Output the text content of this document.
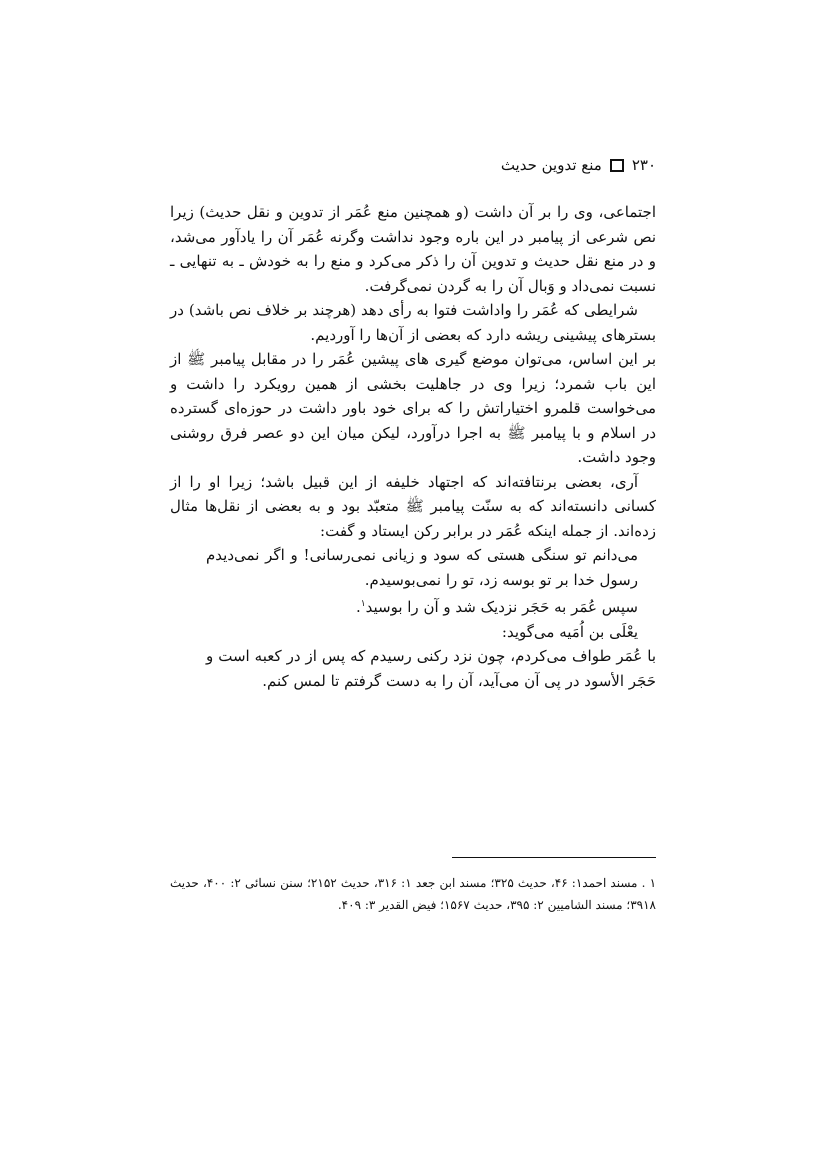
۲۳۰
منع تدوین حدیث

اجتماعی، وی را بر آن داشت (و همچنین منع عُمَر از تدوین و نقل حدیث) زیرا نص شرعی از پیامبر در این باره وجود نداشت وگرنه عُمَر آن را یادآور می‌شد، و در منع نقل حدیث و تدوین آن را ذکر می‌کرد و منع را به خودش ـ به تنهایی ـ نسبت نمی‌داد و وَبال آن را به گردن نمی‌گرفت.

شرایطی که عُمَر را واداشت فتوا به رأی دهد (هرچند بر خلاف نص باشد) در بسترهای پیشینی ریشه دارد که بعضی از آن‌ها را آوردیم.

بر این اساس، می‌توان موضع گیری های پیشین عُمَر را در مقابل پیامبر ﷺ از این باب شمرد؛ زیرا وی در جاهلیت بخشی از همین رویکرد را داشت و می‌خواست قلمرو اختیاراتش را که برای خود باور داشت در حوزه‌ای گسترده در اسلام و با پیامبر ﷺ به اجرا درآورد، لیکن میان این دو عصر فرق روشنی وجود داشت.

آری، بعضی برنتافته‌اند که اجتهاد خلیفه از این قبیل باشد؛ زیرا او را از کسانی دانسته‌اند که به سنّت پیامبر ﷺ متعبّد بود و به بعضی از نقل‌ها مثال زده‌اند. از جمله اینکه عُمَر در برابر رکن ایستاد و گفت:

می‌دانم تو سنگی هستی که سود و زیانی نمی‌رسانی! و اگر نمی‌دیدم رسول خدا بر تو بوسه زد، تو را نمی‌بوسیدم.

سپس عُمَر به حَجَر نزدیک شد و آن را بوسید$^۱$.

یعْلَی بن اُمَیه می‌گوید:

با عُمَر طواف می‌کردم، چون نزد رکنی رسیدم که پس از در کعبه است و حَجَر الأسود در پی آن می‌آید، آن را به دست گرفتم تا لمس کنم.

۱ . مسند احمد۱: ۴۶، حدیث ۳۲۵؛ مسند ابن جعد ۱: ۳۱۶، حدیث ۲۱۵۲؛ سنن نسائی ۲: ۴۰۰، حدیث ۳۹۱۸؛ مسند الشامیین ۲: ۳۹۵، حدیث ۱۵۶۷؛ فیض القدیر ۳: ۴۰۹.
